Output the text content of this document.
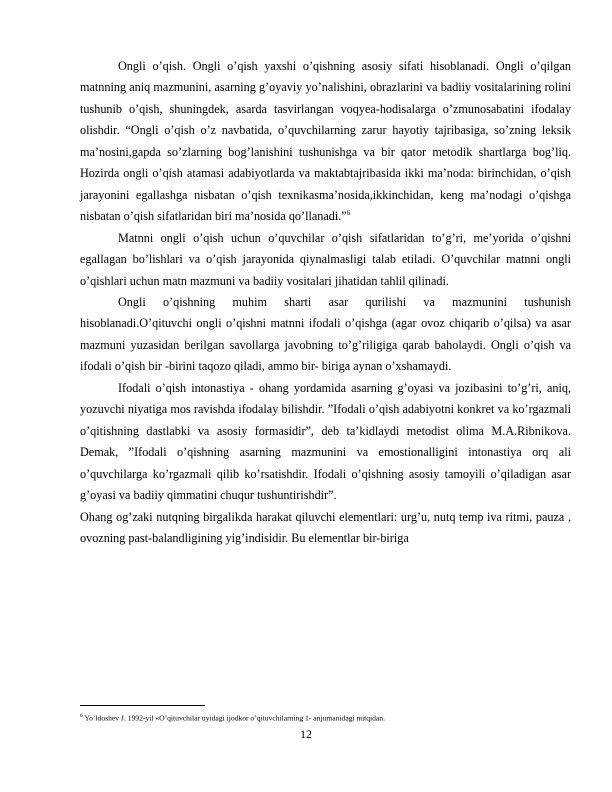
Ongli o’qish. Ongli o’qish yaxshi o’qishning asosiy sifati hisoblanadi. Ongli o’qilgan matnning aniq mazmunini, asarning g’oyaviy yo’nalishini, obrazlarini va badiiy vositalarining rolini tushunib o’qish, shuningdek, asarda tasvirlangan voqyea-hodisalarga o’zmunosabatini ifodalay olishdir. “Ongli o’qish o’z navbatida, o’quvchilarning zarur hayotiy tajribasiga, so’zning leksik ma’nosini,gapda so’zlarning bog’lanishini tushunishga va bir qator metodik shartlarga bog’liq. Hozirda ongli o’qish atamasi adabiyotlarda va maktabtajribasida ikki ma’noda: birinchidan, o’qish jarayonini egallashga nisbatan o’qish texnikasma’nosida,ikkinchidan, keng ma’nodagi o’qishga nisbatan o’qish sifatlaridan biri ma’nosida qo’llanadi.”$^6$

Matnni ongli o’qish uchun o’quvchilar o’qish sifatlaridan to’g’ri, me’yorida o’qishni egallagan bo’lishlari va o’qish jarayonida qiynalmasligi talab etiladi. O’quvchilar matnni ongli o’qishlari uchun matn mazmuni va badiiy vositalari jihatidan tahlil qilinadi.

Ongli o’qishning muhim sharti asar qurilishi va mazmunini tushunish hisoblanadi.O’qituvchi ongli o’qishni matnni ifodali o’qishga (agar ovoz chiqarib o’qilsa) va asar mazmuni yuzasidan berilgan savollarga javobning to’g’riligiga qarab baholaydi. Ongli o’qish va ifodali o’qish bir -birini taqozo qiladi, ammo bir- biriga aynan o’xshamaydi.

Ifodali o’qish intonastiya - ohang yordamida asarning g’oyasi va jozibasini to’g’ri, aniq, yozuvchi niyatiga mos ravishda ifodalay bilishdir. ”Ifodali o’qish adabiyotni konkret va ko’rgazmali o’qitishning dastlabki va asosiy formasidir”, deb ta’kidlaydi metodist olima M.A.Ribnikova. Demak, ”Ifodali o’qishning asarning mazmunini va emostionalligini intonastiya orq ali o’quvchilarga ko’rgazmali qilib ko’rsatishdir. Ifodali o’qishning asosiy tamoyili o’qiladigan asar g’oyasi va badiiy qimmatini chuqur tushuntirishdir”.

Ohang og’zaki nutqning birgalikda harakat qiluvchi elementlari: urg’u, nutq temp iva ritmi, pauza , ovozning past-balandligining yig’indisidir. Bu elementlar bir-biriga

$^6$ Yo’ldoshev J. 1992-yil «O’qituvchilar uyidagi ijodkor o’qituvchilarning 1- anjumanidagi nutqidan.
12
